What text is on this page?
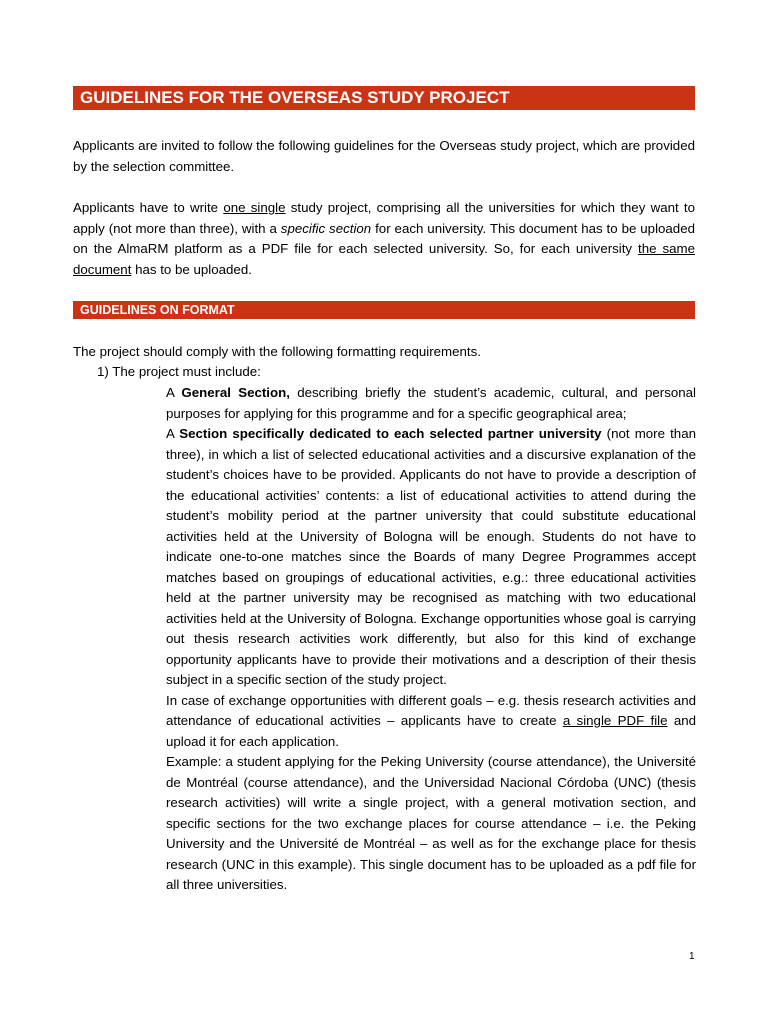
GUIDELINES FOR THE OVERSEAS STUDY PROJECT
Applicants are invited to follow the following guidelines for the Overseas study project, which are provided by the selection committee.
Applicants have to write one single study project, comprising all the universities for which they want to apply (not more than three), with a specific section for each university. This document has to be uploaded on the AlmaRM platform as a PDF file for each selected university. So, for each university the same document has to be uploaded.
GUIDELINES ON FORMAT
The project should comply with the following formatting requirements.
1) The project must include:

A General Section, describing briefly the student’s academic, cultural, and personal purposes for applying for this programme and for a specific geographical area;

A Section specifically dedicated to each selected partner university (not more than three), in which a list of selected educational activities and a discursive explanation of the student’s choices have to be provided. Applicants do not have to provide a description of the educational activities’ contents: a list of educational activities to attend during the student’s mobility period at the partner university that could substitute educational activities held at the University of Bologna will be enough. Students do not have to indicate one-to-one matches since the Boards of many Degree Programmes accept matches based on groupings of educational activities, e.g.: three educational activities held at the partner university may be recognised as matching with two educational activities held at the University of Bologna. Exchange opportunities whose goal is carrying out thesis research activities work differently, but also for this kind of exchange opportunity applicants have to provide their motivations and a description of their thesis subject in a specific section of the study project.

In case of exchange opportunities with different goals – e.g. thesis research activities and attendance of educational activities – applicants have to create a single PDF file and upload it for each application.

Example: a student applying for the Peking University (course attendance), the Université de Montréal (course attendance), and the Universidad Nacional Córdoba (UNC) (thesis research activities) will write a single project, with a general motivation section, and specific sections for the two exchange places for course attendance – i.e. the Peking University and the Université de Montréal – as well as for the exchange place for thesis research (UNC in this example). This single document has to be uploaded as a pdf file for all three universities.

1
